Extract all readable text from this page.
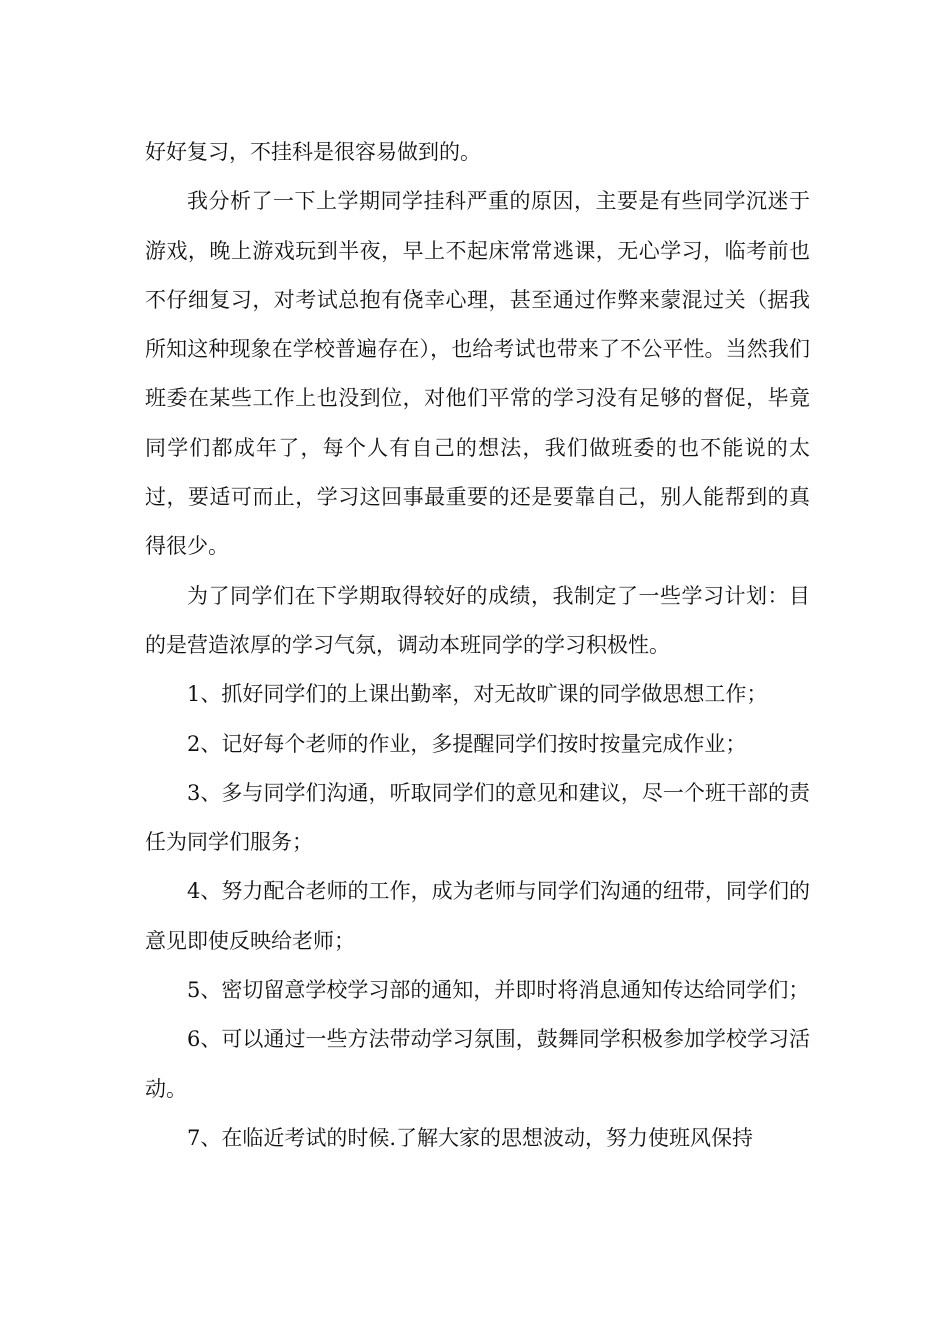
好好复习，不挂科是很容易做到的。

我分析了一下上学期同学挂科严重的原因，主要是有些同学沉迷于游戏，晚上游戏玩到半夜，早上不起床常常逃课，无心学习，临考前也不仔细复习，对考试总抱有侥幸心理，甚至通过作弊来蒙混过关（据我所知这种现象在学校普遍存在），也给考试也带来了不公平性。当然我们班委在某些工作上也没到位，对他们平常的学习没有足够的督促，毕竟同学们都成年了，每个人有自己的想法，我们做班委的也不能说的太过，要适可而止，学习这回事最重要的还是要靠自己，别人能帮到的真得很少。

为了同学们在下学期取得较好的成绩，我制定了一些学习计划：目的是营造浓厚的学习气氛，调动本班同学的学习积极性。

1、抓好同学们的上课出勤率，对无故旷课的同学做思想工作；

2、记好每个老师的作业，多提醒同学们按时按量完成作业；

3、多与同学们沟通，听取同学们的意见和建议，尽一个班干部的责任为同学们服务；

4、努力配合老师的工作，成为老师与同学们沟通的纽带，同学们的意见即使反映给老师；

5、密切留意学校学习部的通知，并即时将消息通知传达给同学们；

6、可以通过一些方法带动学习氛围，鼓舞同学积极参加学校学习活动。

7、在临近考试的时候.了解大家的思想波动，努力使班风保持
